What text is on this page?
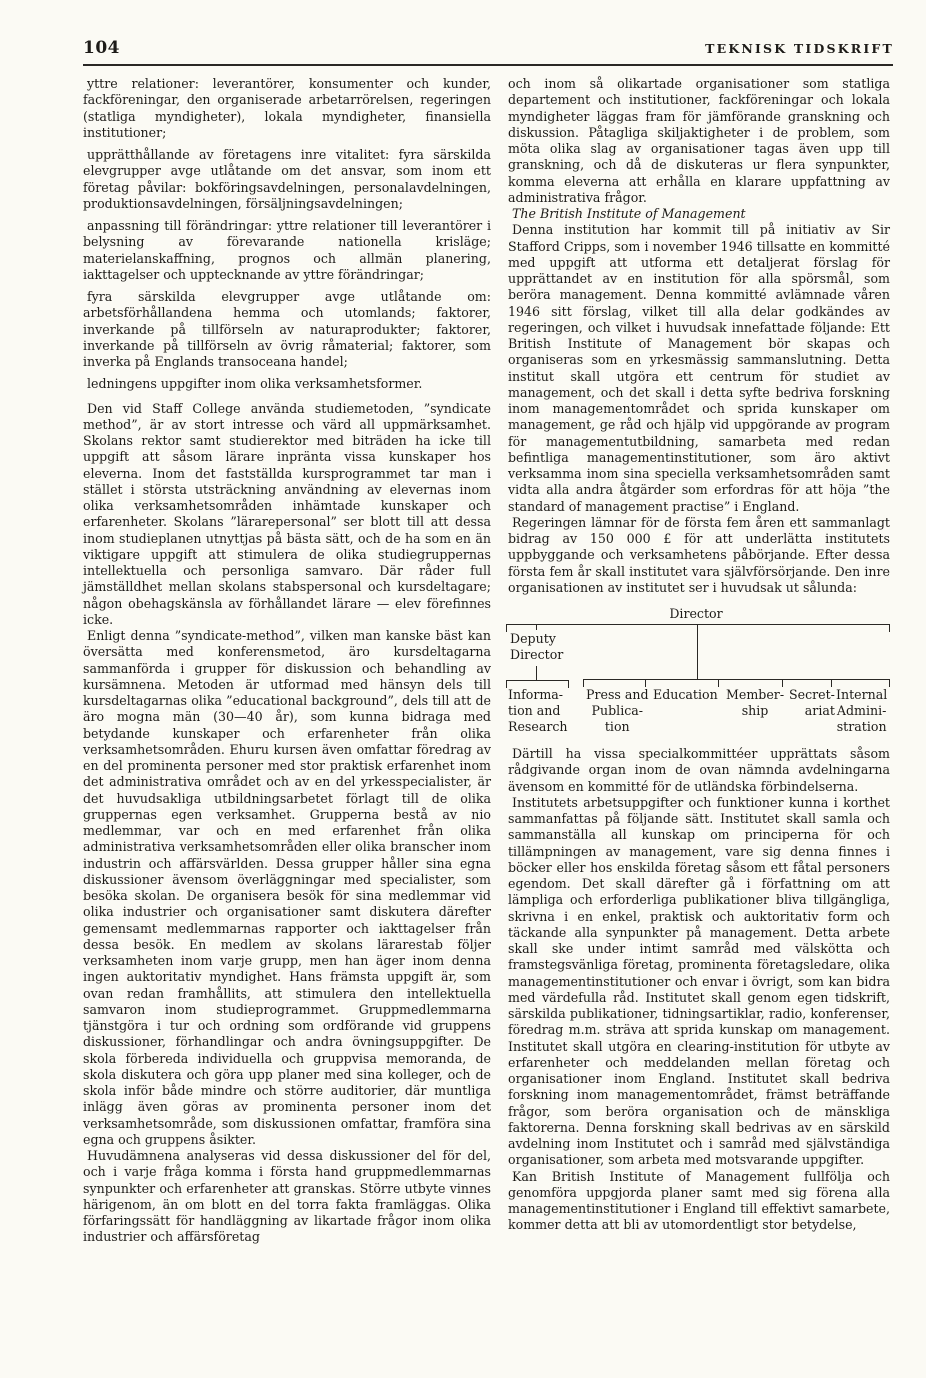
104	TEKNISK TIDSKRIFT

yttre relationer: leverantörer, konsumenter och kunder, fackföreningar, den organiserade arbetarrörelsen, regeringen (statliga myndigheter), lokala myndigheter, finansiella institutioner;

upprätthållande av företagens inre vitalitet: fyra särskilda elevgrupper avge utlåtande om det ansvar, som inom ett företag påvilar: bokföringsavdelningen, personalavdelningen, produktionsavdelningen, försäljningsavdelningen;

anpassning till förändringar: yttre relationer till leverantörer i belysning av förevarande nationella krisläge; materielanskaffning, prognos och allmän planering, iakttagelser och upptecknande av yttre förändringar;

fyra särskilda elevgrupper avge utlåtande om: arbetsförhållandena hemma och utomlands; faktorer, inverkande på tillförseln av naturaprodukter; faktorer, inverkande på tillförseln av övrig råmaterial; faktorer, som inverka på Englands transoceana handel;

ledningens uppgifter inom olika verksamhetsformer.

Den vid Staff College använda studiemetoden, ”syndicate method”, är av stort intresse och värd all uppmärksamhet. Skolans rektor samt studierektor med biträden ha icke till uppgift att såsom lärare inpränta vissa kunskaper hos eleverna. Inom det fastställda kursprogrammet tar man i stället i största utsträckning användning av elevernas inom olika verksamhetsområden inhämtade kunskaper och erfarenheter. Skolans ”lärarepersonal” ser blott till att dessa inom studieplanen utnyttjas på bästa sätt, och de ha som en än viktigare uppgift att stimulera de olika studiegruppernas intellektuella och personliga samvaro. Där råder full jämställdhet mellan skolans stabspersonal och kursdeltagare; någon obehagskänsla av förhållandet lärare — elev förefinnes icke.

Enligt denna ”syndicate-method”, vilken man kanske bäst kan översätta med konferensmetod, äro kursdeltagarna sammanförda i grupper för diskussion och behandling av kursämnena. Metoden är utformad med hänsyn dels till kursdeltagarnas olika ”educational background”, dels till att de äro mogna män (30—40 år), som kunna bidraga med betydande kunskaper och erfarenheter från olika verksamhetsområden. Ehuru kursen även omfattar föredrag av en del prominenta personer med stor praktisk erfarenhet inom det administrativa området och av en del yrkesspecialister, är det huvudsakliga utbildningsarbetet förlagt till de olika gruppernas egen verksamhet. Grupperna bestå av nio medlemmar, var och en med erfarenhet från olika administrativa verksamhetsområden eller olika branscher inom industrin och affärsvärlden. Dessa grupper håller sina egna diskussioner ävensom överläggningar med specialister, som besöka skolan. De organisera besök för sina medlemmar vid olika industrier och organisationer samt diskutera därefter gemensamt medlemmarnas rapporter och iakttagelser från dessa besök. En medlem av skolans lärarestab följer verksamheten inom varje grupp, men han äger inom denna ingen auktoritativ myndighet. Hans främsta uppgift är, som ovan redan framhållits, att stimulera den intellektuella samvaron inom studieprogrammet. Gruppmedlemmarna tjänstgöra i tur och ordning som ordförande vid gruppens diskussioner, förhandlingar och andra övningsuppgifter. De skola förbereda individuella och gruppvisa memoranda, de skola diskutera och göra upp planer med sina kolleger, och de skola inför både mindre och större auditorier, där muntliga inlägg även göras av prominenta personer inom det verksamhetsområde, som diskussionen omfattar, framföra sina egna och gruppens åsikter.

Huvudämnena analyseras vid dessa diskussioner del för del, och i varje fråga komma i första hand gruppmedlemmarnas synpunkter och erfarenheter att granskas. Större utbyte vinnes härigenom, än om blott en del torra fakta framläggas. Olika förfaringssätt för handläggning av likartade frågor inom olika industrier och affärsföretag

och inom så olikartade organisationer som statliga departement och institutioner, fackföreningar och lokala myndigheter läggas fram för jämförande granskning och diskussion. Påtagliga skiljaktigheter i de problem, som möta olika slag av organisationer tagas även upp till granskning, och då de diskuteras ur flera synpunkter, komma eleverna att erhålla en klarare uppfattning av administrativa frågor.

The British Institute of Management

Denna institution har kommit till på initiativ av Sir Stafford Cripps, som i november 1946 tillsatte en kommitté med uppgift att utforma ett detaljerat förslag för upprättandet av en institution för alla spörsmål, som beröra management. Denna kommitté avlämnade våren 1946 sitt förslag, vilket till alla delar godkändes av regeringen, och vilket i huvudsak innefattade följande: Ett British Institute of Management bör skapas och organiseras som en yrkesmässig sammanslutning. Detta institut skall utgöra ett centrum för studiet av management, och det skall i detta syfte bedriva forskning inom managementområdet och sprida kunskaper om management, ge råd och hjälp vid uppgörande av program för managementutbildning, samarbeta med redan befintliga managementinstitutioner, som äro aktivt verksamma inom sina speciella verksamhetsområden samt vidta alla andra åtgärder som erfordras för att höja ”the standard of management practise” i England.

Regeringen lämnar för de första fem åren ett sammanlagt bidrag av 150 000 £ för att underlätta institutets uppbyggande och verksamhetens påbörjande. Efter dessa första fem år skall institutet vara självförsörjande. Den inre organisationen av institutet ser i huvudsak ut sålunda:

Director
Deputy
Director
Informa-
tion and
Research
Press and
Publica-
tion
Education Member-
ship
Secret-
ariat
Internal
Admini-
stration

Därtill ha vissa specialkommittéer upprättats såsom rådgivande organ inom de ovan nämnda avdelningarna ävensom en kommitté för de utländska förbindelserna.

Institutets arbetsuppgifter och funktioner kunna i korthet sammanfattas på följande sätt. Institutet skall samla och sammanställa all kunskap om principerna för och tillämpningen av management, vare sig denna finnes i böcker eller hos enskilda företag såsom ett fåtal personers egendom. Det skall därefter gå i författning om att lämpliga och erforderliga publikationer bliva tillgängliga, skrivna i en enkel, praktisk och auktoritativ form och täckande alla synpunkter på management. Detta arbete skall ske under intimt samråd med välskötta och framstegsvänliga företag, prominenta företagsledare, olika managementinstitutioner och envar i övrigt, som kan bidra med värdefulla råd. Institutet skall genom egen tidskrift, särskilda publikationer, tidningsartiklar, radio, konferenser, föredrag m.m. sträva att sprida kunskap om management. Institutet skall utgöra en clearing-institution för utbyte av erfarenheter och meddelanden mellan företag och organisationer inom England. Institutet skall bedriva forskning inom managementområdet, främst beträffande frågor, som beröra organisation och de mänskliga faktorerna. Denna forskning skall bedrivas av en särskild avdelning inom Institutet och i samråd med självständiga organisationer, som arbeta med motsvarande uppgifter.

Kan British Institute of Management fullfölja och genomföra uppgjorda planer samt med sig förena alla managementinstitutioner i England till effektivt samarbete, kommer detta att bli av utomordentligt stor betydelse,
